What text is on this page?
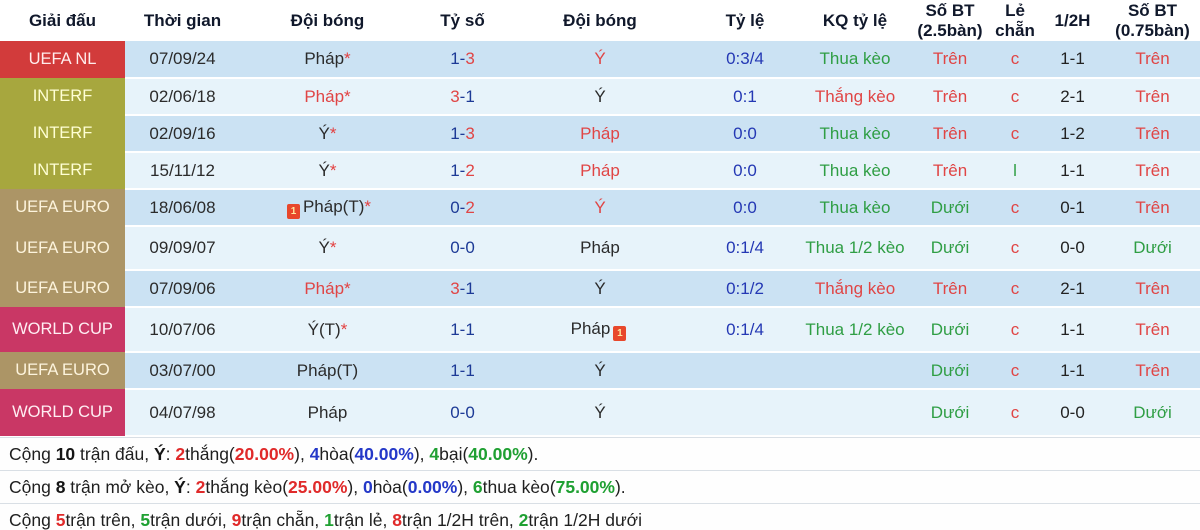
Giải đấu	Thời gian	Đội bóng	Tỷ số	Đội bóng	Tỷ lệ	KQ tỷ lệ	Số BT (2.5bàn)	Lẻ chẵn	1/2H	Số BT (0.75bàn)
UEFA NL	07/09/24	Pháp*	1-3	Ý	0:3/4	Thua kèo	Trên	c	1-1	Trên
INTERF	02/06/18	Pháp*	3-1	Ý	0:1	Thắng kèo	Trên	c	2-1	Trên
INTERF	02/09/16	Ý*	1-3	Pháp	0:0	Thua kèo	Trên	c	1-2	Trên
INTERF	15/11/12	Ý*	1-2	Pháp	0:0	Thua kèo	Trên	l	1-1	Trên
UEFA EURO	18/06/08	1 Pháp(T)*	0-2	Ý	0:0	Thua kèo	Dưới	c	0-1	Trên
UEFA EURO	09/09/07	Ý*	0-0	Pháp	0:1/4	Thua 1/2 kèo	Dưới	c	0-0	Dưới
UEFA EURO	07/09/06	Pháp*	3-1	Ý	0:1/2	Thắng kèo	Trên	c	2-1	Trên
WORLD CUP	10/07/06	Ý(T)*	1-1	Pháp 1	0:1/4	Thua 1/2 kèo	Dưới	c	1-1	Trên
UEFA EURO	03/07/00	Pháp(T)	1-1	Ý			Dưới	c	1-1	Trên
WORLD CUP	04/07/98	Pháp	0-0	Ý			Dưới	c	0-0	Dưới
Cộng 10 trận đấu, Ý : 2 thắng( 20.00% ), 4 hòa( 40.00% ), 4 bại( 40.00% ).
Cộng 8 trận mở kèo, Ý : 2 thắng kèo( 25.00% ), 0 hòa( 0.00% ), 6 thua kèo( 75.00% ).
Cộng 5 trận trên, 5 trận dưới, 9 trận chẵn, 1 trận lẻ, 8 trận 1/2H trên, 2 trận 1/2H dưới
